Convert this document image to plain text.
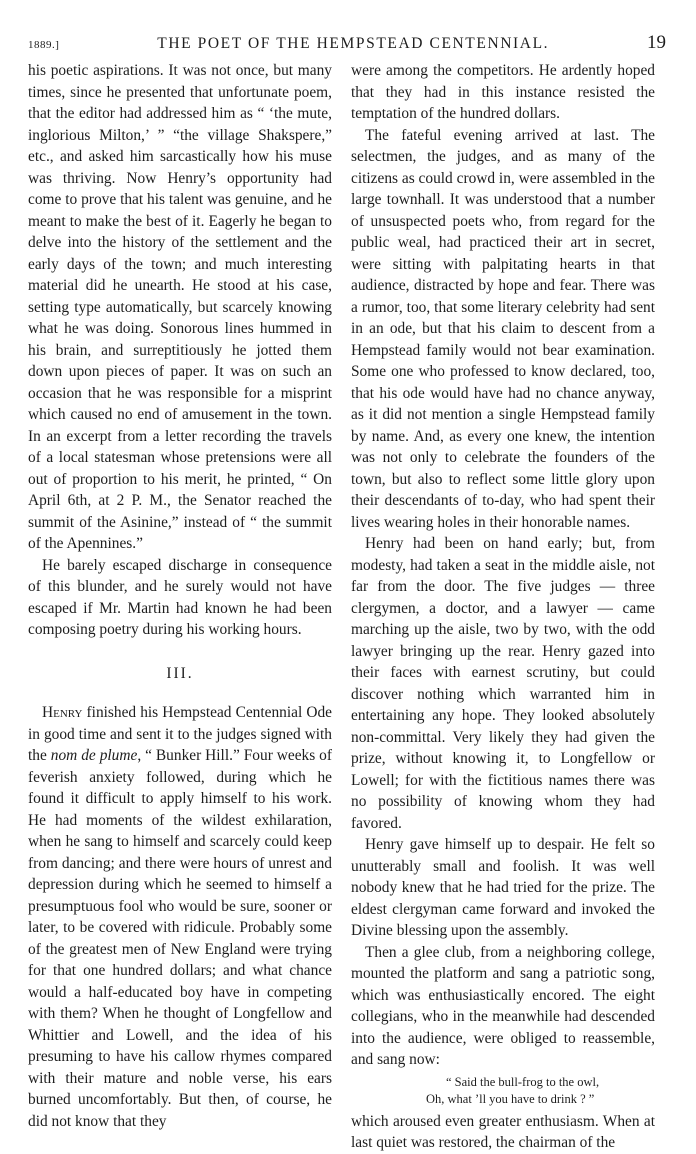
1889.]	THE POET OF THE HEMPSTEAD CENTENNIAL.	19

his poetic aspirations. It was not once, but many times, since he presented that unfortunate poem, that the editor had addressed him as “ ‘the mute, inglorious Milton,’ ” “the village Shakspere,” etc., and asked him sarcastically how his muse was thriving. Now Henry’s opportunity had come to prove that his talent was genuine, and he meant to make the best of it. Eagerly he began to delve into the history of the settlement and the early days of the town; and much interesting material did he unearth. He stood at his case, setting type automatically, but scarcely knowing what he was doing. Sonorous lines hummed in his brain, and surreptitiously he jotted them down upon pieces of paper. It was on such an occasion that he was responsible for a misprint which caused no end of amusement in the town. In an excerpt from a letter recording the travels of a local statesman whose pretensions were all out of proportion to his merit, he printed, “ On April 6th, at 2 P. M., the Senator reached the summit of the Asinine,” instead of “ the summit of the Apennines.”

He barely escaped discharge in consequence of this blunder, and he surely would not have escaped if Mr. Martin had known he had been composing poetry during his working hours.

III.

Henry finished his Hempstead Centennial Ode in good time and sent it to the judges signed with the nom de plume, “ Bunker Hill.” Four weeks of feverish anxiety followed, during which he found it difficult to apply himself to his work. He had moments of the wildest exhilaration, when he sang to himself and scarcely could keep from dancing; and there were hours of unrest and depression during which he seemed to himself a presumptuous fool who would be sure, sooner or later, to be covered with ridicule. Probably some of the greatest men of New England were trying for that one hundred dollars; and what chance would a half-educated boy have in competing with them? When he thought of Longfellow and Whittier and Lowell, and the idea of his presuming to have his callow rhymes compared with their mature and noble verse, his ears burned uncomfortably. But then, of course, he did not know that they

were among the competitors. He ardently hoped that they had in this instance resisted the temptation of the hundred dollars.

The fateful evening arrived at last. The selectmen, the judges, and as many of the citizens as could crowd in, were assembled in the large townhall. It was understood that a number of unsuspected poets who, from regard for the public weal, had practiced their art in secret, were sitting with palpitating hearts in that audience, distracted by hope and fear. There was a rumor, too, that some literary celebrity had sent in an ode, but that his claim to descent from a Hempstead family would not bear examination. Some one who professed to know declared, too, that his ode would have had no chance anyway, as it did not mention a single Hempstead family by name. And, as every one knew, the intention was not only to celebrate the founders of the town, but also to reflect some little glory upon their descendants of to-day, who had spent their lives wearing holes in their honorable names.

Henry had been on hand early; but, from modesty, had taken a seat in the middle aisle, not far from the door. The five judges — three clergymen, a doctor, and a lawyer — came marching up the aisle, two by two, with the odd lawyer bringing up the rear. Henry gazed into their faces with earnest scrutiny, but could discover nothing which warranted him in entertaining any hope. They looked absolutely non-committal. Very likely they had given the prize, without knowing it, to Longfellow or Lowell; for with the fictitious names there was no possibility of knowing whom they had favored.

Henry gave himself up to despair. He felt so unutterably small and foolish. It was well nobody knew that he had tried for the prize. The eldest clergyman came forward and invoked the Divine blessing upon the assembly.

Then a glee club, from a neighboring college, mounted the platform and sang a patriotic song, which was enthusiastically encored. The eight collegians, who in the meanwhile had descended into the audience, were obliged to reassemble, and sang now:

“ Said the bull-frog to the owl,
Oh, what ’ll you have to drink ? ”

which aroused even greater enthusiasm. When at last quiet was restored, the chairman of the
